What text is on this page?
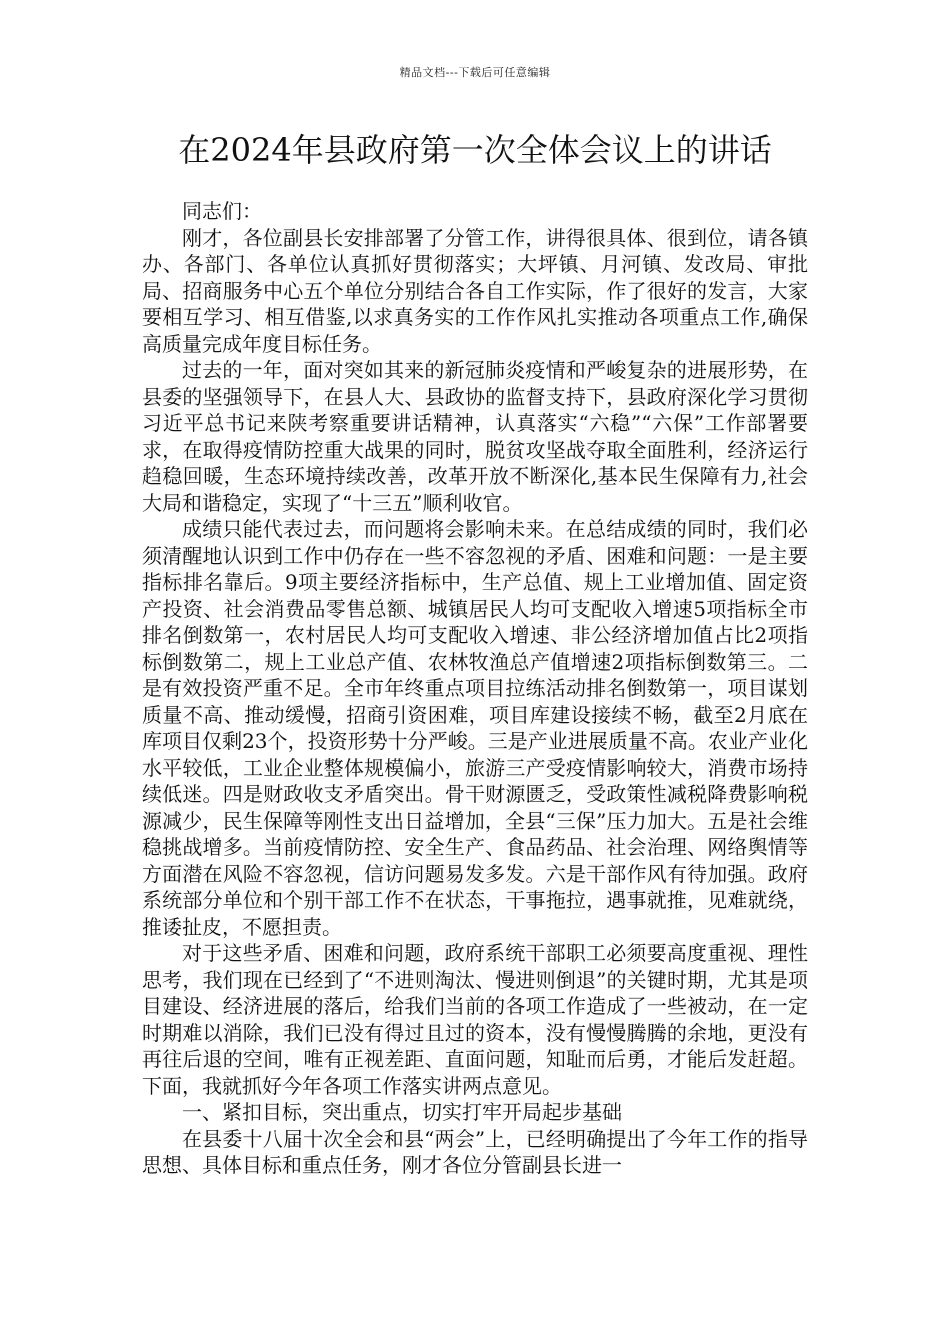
精品文档---下载后可任意编辑
在2024年县政府第一次全体会议上的讲话

同志们：

刚才，各位副县长安排部署了分管工作，讲得很具体、很到位，请各镇办、各部门、各单位认真抓好贯彻落实；大坪镇、月河镇、发改局、审批局、招商服务中心五个单位分别结合各自工作实际，作了很好的发言，大家要相互学习、相互借鉴,以求真务实的工作作风扎实推动各项重点工作,确保高质量完成年度目标任务。

过去的一年，面对突如其来的新冠肺炎疫情和严峻复杂的进展形势，在县委的坚强领导下，在县人大、县政协的监督支持下，县政府深化学习贯彻习近平总书记来陕考察重要讲话精神，认真落实“六稳”“六保”工作部署要求，在取得疫情防控重大战果的同时，脱贫攻坚战夺取全面胜利，经济运行趋稳回暖，生态环境持续改善，改革开放不断深化,基本民生保障有力,社会大局和谐稳定，实现了“十三五”顺利收官。

成绩只能代表过去，而问题将会影响未来。在总结成绩的同时，我们必须清醒地认识到工作中仍存在一些不容忽视的矛盾、困难和问题：一是主要指标排名靠后。9项主要经济指标中，生产总值、规上工业增加值、固定资产投资、社会消费品零售总额、城镇居民人均可支配收入增速5项指标全市排名倒数第一，农村居民人均可支配收入增速、非公经济增加值占比2项指标倒数第二，规上工业总产值、农林牧渔总产值增速2项指标倒数第三。二是有效投资严重不足。全市年终重点项目拉练活动排名倒数第一，项目谋划质量不高、推动缓慢，招商引资困难，项目库建设接续不畅，截至2月底在库项目仅剩23个，投资形势十分严峻。三是产业进展质量不高。农业产业化水平较低，工业企业整体规模偏小，旅游三产受疫情影响较大，消费市场持续低迷。四是财政收支矛盾突出。骨干财源匮乏，受政策性减税降费影响税源减少，民生保障等刚性支出日益增加，全县“三保”压力加大。五是社会维稳挑战增多。当前疫情防控、安全生产、食品药品、社会治理、网络舆情等方面潜在风险不容忽视，信访问题易发多发。六是干部作风有待加强。政府系统部分单位和个别干部工作不在状态，干事拖拉，遇事就推，见难就绕，推诿扯皮，不愿担责。

对于这些矛盾、困难和问题，政府系统干部职工必须要高度重视、理性思考，我们现在已经到了“不进则淘汰、慢进则倒退”的关键时期，尤其是项目建设、经济进展的落后，给我们当前的各项工作造成了一些被动，在一定时期难以消除，我们已没有得过且过的资本，没有慢慢腾腾的余地，更没有再往后退的空间，唯有正视差距、直面问题，知耻而后勇，才能后发赶超。下面，我就抓好今年各项工作落实讲两点意见。

一、紧扣目标，突出重点，切实打牢开局起步基础

在县委十八届十次全会和县“两会”上，已经明确提出了今年工作的指导思想、具体目标和重点任务，刚才各位分管副县长进一
